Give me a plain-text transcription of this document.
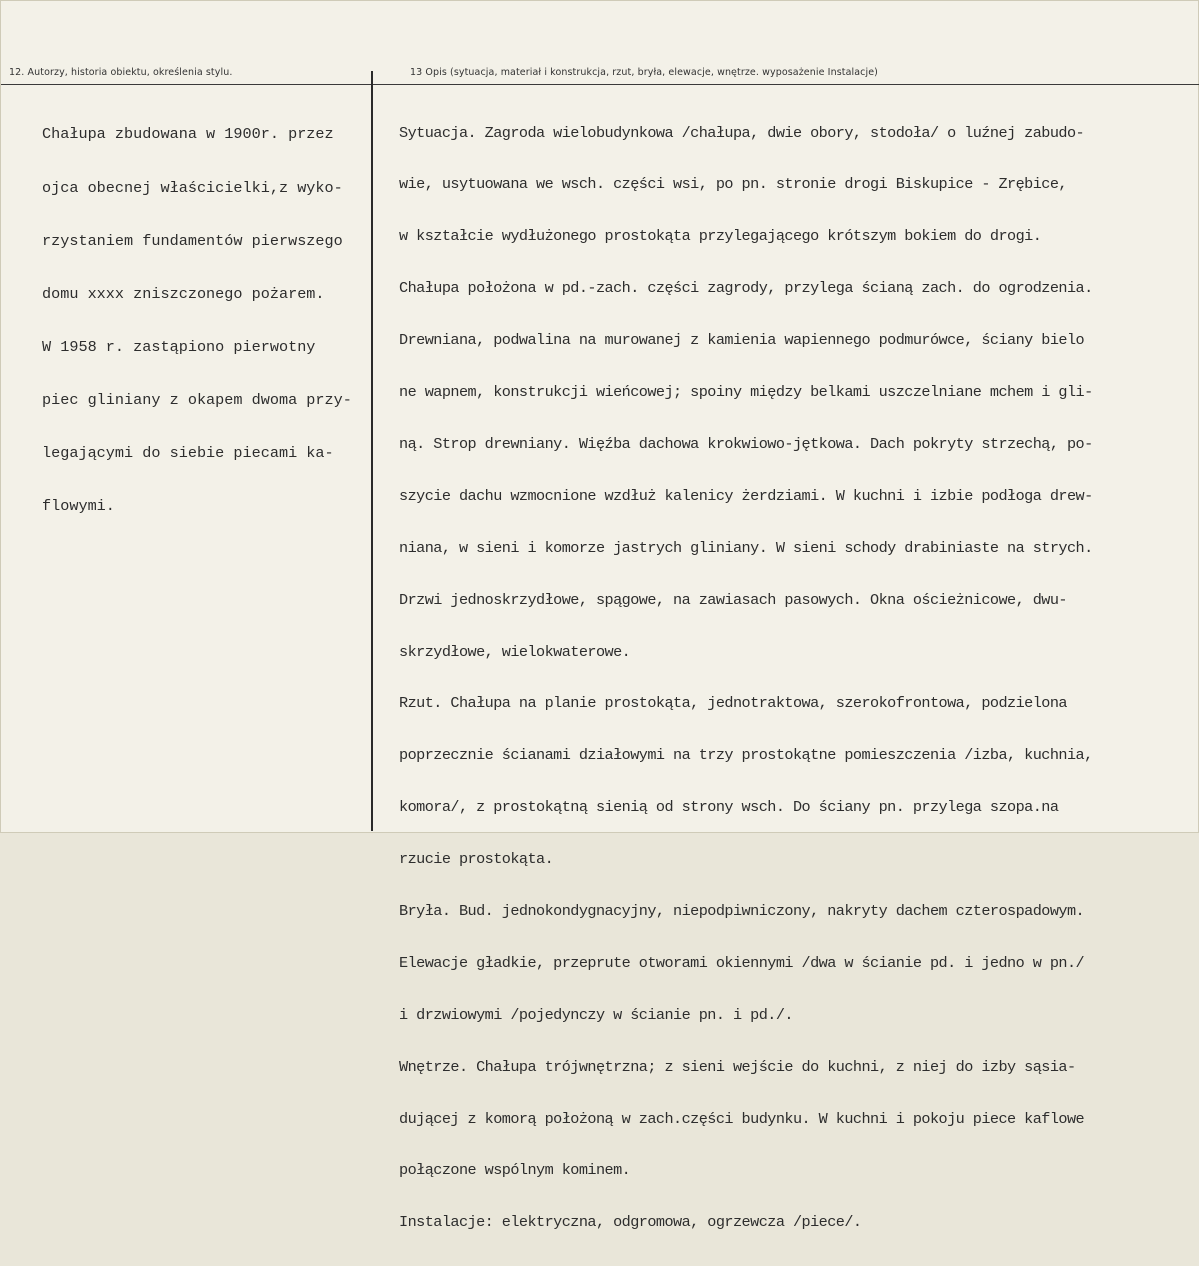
12. Autorzy, historia obiektu, określenia stylu.	13 Opis (sytuacja, materiał i konstrukcja, rzut, bryła, elewacje, wnętrze. wyposażenie Instalacje)

Chałupa zbudowana w 1900r. przez

ojca obecnej właścicielki,z wyko-

rzystaniem fundamentów pierwszego

domu xxxx zniszczonego pożarem.

W 1958 r. zastąpiono pierwotny

piec gliniany z okapem dwoma przy-

legającymi do siebie piecami ka-

flowymi.

Sytuacja. Zagroda wielobudynkowa /chałupa, dwie obory, stodoła/ o luźnej zabudo-

wie, usytuowana we wsch. części wsi, po pn. stronie drogi Biskupice - Zrębice,

w kształcie wydłużonego prostokąta przylegającego krótszym bokiem do drogi.

Chałupa położona w pd.-zach. części zagrody, przylega ścianą zach. do ogrodzenia.

Drewniana, podwalina na murowanej z kamienia wapiennego podmurówce, ściany bielo

ne wapnem, konstrukcji wieńcowej; spoiny między belkami uszczelniane mchem i gli-

ną. Strop drewniany. Więźba dachowa krokwiowo-jętkowa. Dach pokryty strzechą, po-

szycie dachu wzmocnione wzdłuż kalenicy żerdziami. W kuchni i izbie podłoga drew-

niana, w sieni i komorze jastrych gliniany. W sieni schody drabiniaste na strych.

Drzwi jednoskrzydłowe, spągowe, na zawiasach pasowych. Okna ościeżnicowe, dwu-

skrzydłowe, wielokwaterowe.

Rzut. Chałupa na planie prostokąta, jednotraktowa, szerokofrontowa, podzielona

poprzecznie ścianami działowymi na trzy prostokątne pomieszczenia /izba, kuchnia,

komora/, z prostokątną sienią od strony wsch. Do ściany pn. przylega szopa.na

rzucie prostokąta.

Bryła. Bud. jednokondygnacyjny, niepodpiwniczony, nakryty dachem czterospadowym.

Elewacje gładkie, przeprute otworami okiennymi /dwa w ścianie pd. i jedno w pn./

i drzwiowymi /pojedynczy w ścianie pn. i pd./.

Wnętrze. Chałupa trójwnętrzna; z sieni wejście do kuchni, z niej do izby sąsia-

dującej z komorą położoną w zach.części budynku. W kuchni i pokoju piece kaflowe

połączone wspólnym kominem.

Instalacje: elektryczna, odgromowa, ogrzewcza /piece/.
